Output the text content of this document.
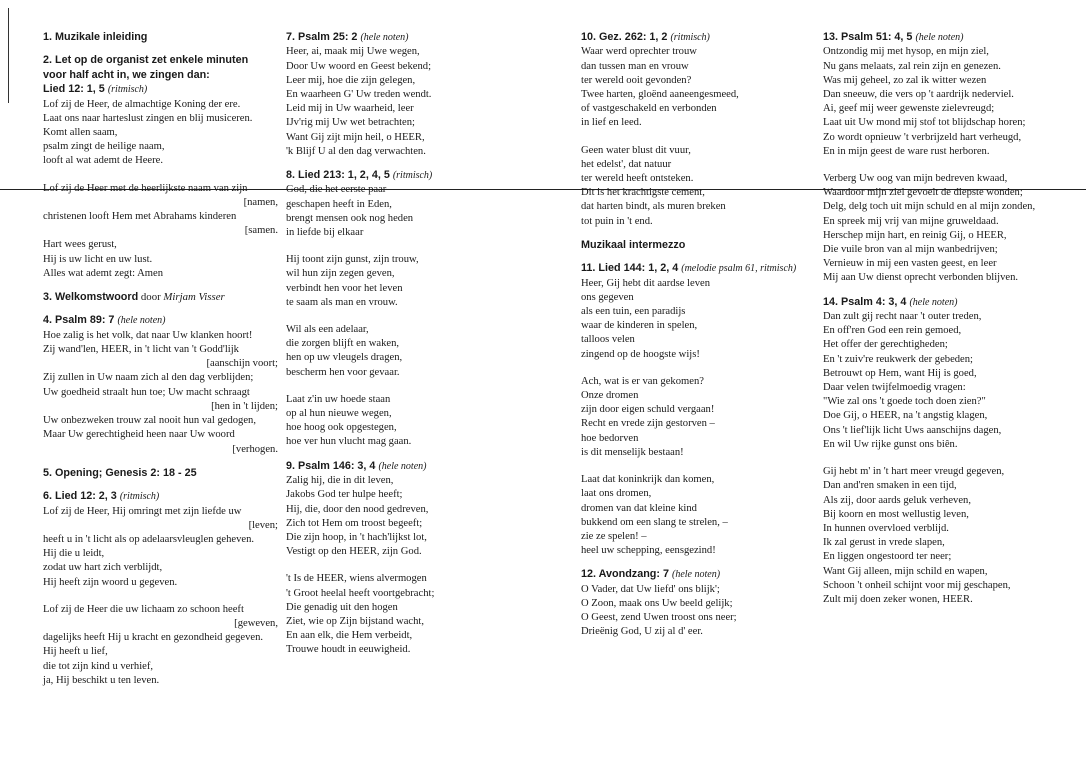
1. Muzikale inleiding
2. Let op de organist zet enkele minuten
voor half acht in, we zingen dan:
Lied 12: 1, 5 (ritmisch)
Lof zij de Heer, de almachtige Koning der ere.
Laat ons naar harteslust zingen en blij musiceren.
Komt allen saam,
psalm zingt de heilige naam,
looft al wat ademt de Heere.
Lof zij de Heer met de heerlijkste naam van zijn
[namen,
christenen looft Hem met Abrahams kinderen
[samen.
Hart wees gerust,
Hij is uw licht en uw lust.
Alles wat ademt zegt: Amen
3. Welkomstwoord door Mirjam Visser
4. Psalm 89: 7 (hele noten)
Hoe zalig is het volk, dat naar Uw klanken hoort!
Zij wand'len, HEER, in 't licht van 't Godd'lijk
[aanschijn voort;
Zij zullen in Uw naam zich al den dag verblijden;
Uw goedheid straalt hun toe; Uw macht schraagt
[hen in 't lijden;
Uw onbezweken trouw zal nooit hun val gedogen,
Maar Uw gerechtigheid heen naar Uw woord
[verhogen.
5. Opening; Genesis 2: 18 - 25
6. Lied 12: 2, 3 (ritmisch)
Lof zij de Heer, Hij omringt met zijn liefde uw
[leven;
heeft u in 't licht als op adelaarsvleuglen geheven.
Hij die u leidt,
zodat uw hart zich verblijdt,
Hij heeft zijn woord u gegeven.
Lof zij de Heer die uw lichaam zo schoon heeft
[geweven,
dagelijks heeft Hij u kracht en gezondheid gegeven.
Hij heeft u lief,
die tot zijn kind u verhief,
ja, Hij beschikt u ten leven.
7. Psalm 25: 2 (hele noten)
Heer, ai, maak mij Uwe wegen,
Door Uw woord en Geest bekend;
Leer mij, hoe die zijn gelegen,
En waarheen G' Uw treden wendt.
Leid mij in Uw waarheid, leer
IJv'rig mij Uw wet betrachten;
Want Gij zijt mijn heil, o HEER,
'k Blijf U al den dag verwachten.
8. Lied 213: 1, 2, 4, 5 (ritmisch)
God, die het eerste paar
geschapen heeft in Eden,
brengt mensen ook nog heden
in liefde bij elkaar
Hij toont zijn gunst, zijn trouw,
wil hun zijn zegen geven,
verbindt hen voor het leven
te saam als man en vrouw.
Wil als een adelaar,
die zorgen blijft en waken,
hen op uw vleugels dragen,
bescherm hen voor gevaar.
Laat z'in uw hoede staan
op al hun nieuwe wegen,
hoe hoog ook opgestegen,
hoe ver hun vlucht mag gaan.
9. Psalm 146: 3, 4 (hele noten)
Zalig hij, die in dit leven,
Jakobs God ter hulpe heeft;
Hij, die, door den nood gedreven,
Zich tot Hem om troost begeeft;
Die zijn hoop, in 't hach'lijkst lot,
Vestigt op den HEER, zijn God.
't Is de HEER, wiens alvermogen
't Groot heelal heeft voortgebracht;
Die genadig uit den hogen
Ziet, wie op Zijn bijstand wacht,
En aan elk, die Hem verbeidt,
Trouwe houdt in eeuwigheid.
10. Gez. 262: 1, 2 (ritmisch)
Waar werd oprechter trouw
dan tussen man en vrouw
ter wereld ooit gevonden?
Twee harten, gloënd aaneengesmeed,
of vastgeschakeld en verbonden
in lief en leed.
Geen water blust dit vuur,
het edelst', dat natuur
ter wereld heeft ontsteken.
Dit is het krachtigste cement,
dat harten bindt, als muren breken
tot puin in 't end.
Muzikaal intermezzo
11. Lied 144: 1, 2, 4 (melodie psalm 61, ritmisch)
Heer, Gij hebt dit aardse leven
ons gegeven
als een tuin, een paradijs
waar de kinderen in spelen,
talloos velen
zingend op de hoogste wijs!
Ach, wat is er van gekomen?
Onze dromen
zijn door eigen schuld vergaan!
Recht en vrede zijn gestorven –
hoe bedorven
is dit menselijk bestaan!
Laat dat koninkrijk dan komen,
laat ons dromen,
dromen van dat kleine kind
bukkend om een slang te strelen, –
zie ze spelen! –
heel uw schepping, eensgezind!
12. Avondzang: 7 (hele noten)
O Vader, dat Uw liefd' ons blijk';
O Zoon, maak ons Uw beeld gelijk;
O Geest, zend Uwen troost ons neer;
Drieënig God, U zij al d' eer.
13. Psalm 51: 4, 5 (hele noten)
Ontzondig mij met hysop, en mijn ziel,
Nu gans melaats, zal rein zijn en genezen.
Was mij geheel, zo zal ik witter wezen
Dan sneeuw, die vers op 't aardrijk nederviel.
Ai, geef mij weer gewenste zielevreugd;
Laat uit Uw mond mij stof tot blijdschap horen;
Zo wordt opnieuw 't verbrijzeld hart verheugd,
En in mijn geest de ware rust herboren.
Verberg Uw oog van mijn bedreven kwaad,
Waardoor mijn ziel gevoelt de diepste wonden;
Delg, delg toch uit mijn schuld en al mijn zonden,
En spreek mij vrij van mijne gruweldaad.
Herschep mijn hart, en reinig Gij, o HEER,
Die vuile bron van al mijn wanbedrijven;
Vernieuw in mij een vasten geest, en leer
Mij aan Uw dienst oprecht verbonden blijven.
14. Psalm 4: 3, 4 (hele noten)
Dan zult gij recht naar 't outer treden,
En off'ren God een rein gemoed,
Het offer der gerechtigheden;
En 't zuiv're reukwerk der gebeden;
Betrouwt op Hem, want Hij is goed,
Daar velen twijfelmoedig vragen:
"Wie zal ons 't goede toch doen zien?"
Doe Gij, o HEER, na 't angstig klagen,
Ons 't lief'lijk licht Uws aanschijns dagen,
En wil Uw rijke gunst ons biên.
Gij hebt m' in 't hart meer vreugd gegeven,
Dan and'ren smaken in een tijd,
Als zij, door aards geluk verheven,
Bij koorn en most wellustig leven,
In hunnen overvloed verblijd.
Ik zal gerust in vrede slapen,
En liggen ongestoord ter neer;
Want Gij alleen, mijn schild en wapen,
Schoon 't onheil schijnt voor mij geschapen,
Zult mij doen zeker wonen, HEER.
